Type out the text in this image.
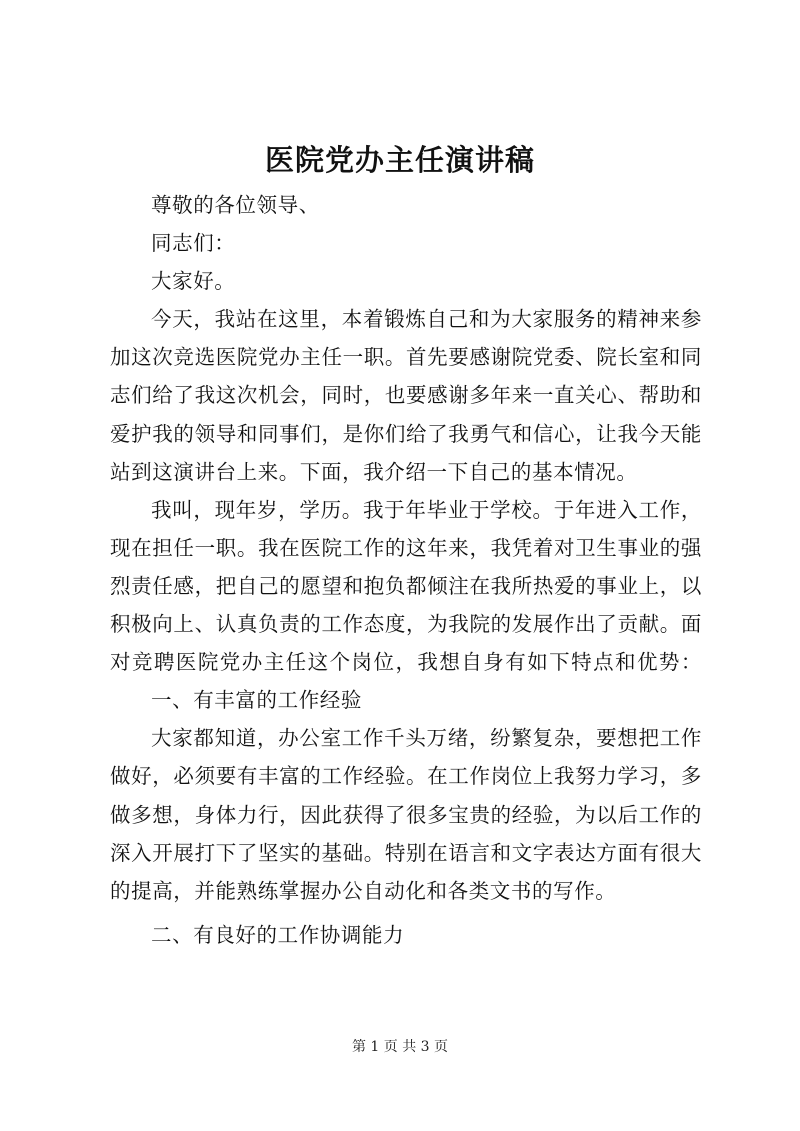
医院党办主任演讲稿
尊敬的各位领导、
同志们：
大家好。
今天，我站在这里，本着锻炼自己和为大家服务的精神来参
加这次竞选医院党办主任一职。首先要感谢院党委、院长室和同
志们给了我这次机会，同时，也要感谢多年来一直关心、帮助和
爱护我的领导和同事们，是你们给了我勇气和信心，让我今天能
站到这演讲台上来。下面，我介绍一下自己的基本情况。
我叫，现年岁，学历。我于年毕业于学校。于年进入工作，
现在担任一职。我在医院工作的这年来，我凭着对卫生事业的强
烈责任感，把自己的愿望和抱负都倾注在我所热爱的事业上，以
积极向上、认真负责的工作态度，为我院的发展作出了贡献。面
对竞聘医院党办主任这个岗位，我想自身有如下特点和优势：
一、有丰富的工作经验
大家都知道，办公室工作千头万绪，纷繁复杂，要想把工作
做好，必须要有丰富的工作经验。在工作岗位上我努力学习，多
做多想，身体力行，因此获得了很多宝贵的经验，为以后工作的
深入开展打下了坚实的基础。特别在语言和文字表达方面有很大
的提高，并能熟练掌握办公自动化和各类文书的写作。
二、有良好的工作协调能力
第 1 页 共 3 页
